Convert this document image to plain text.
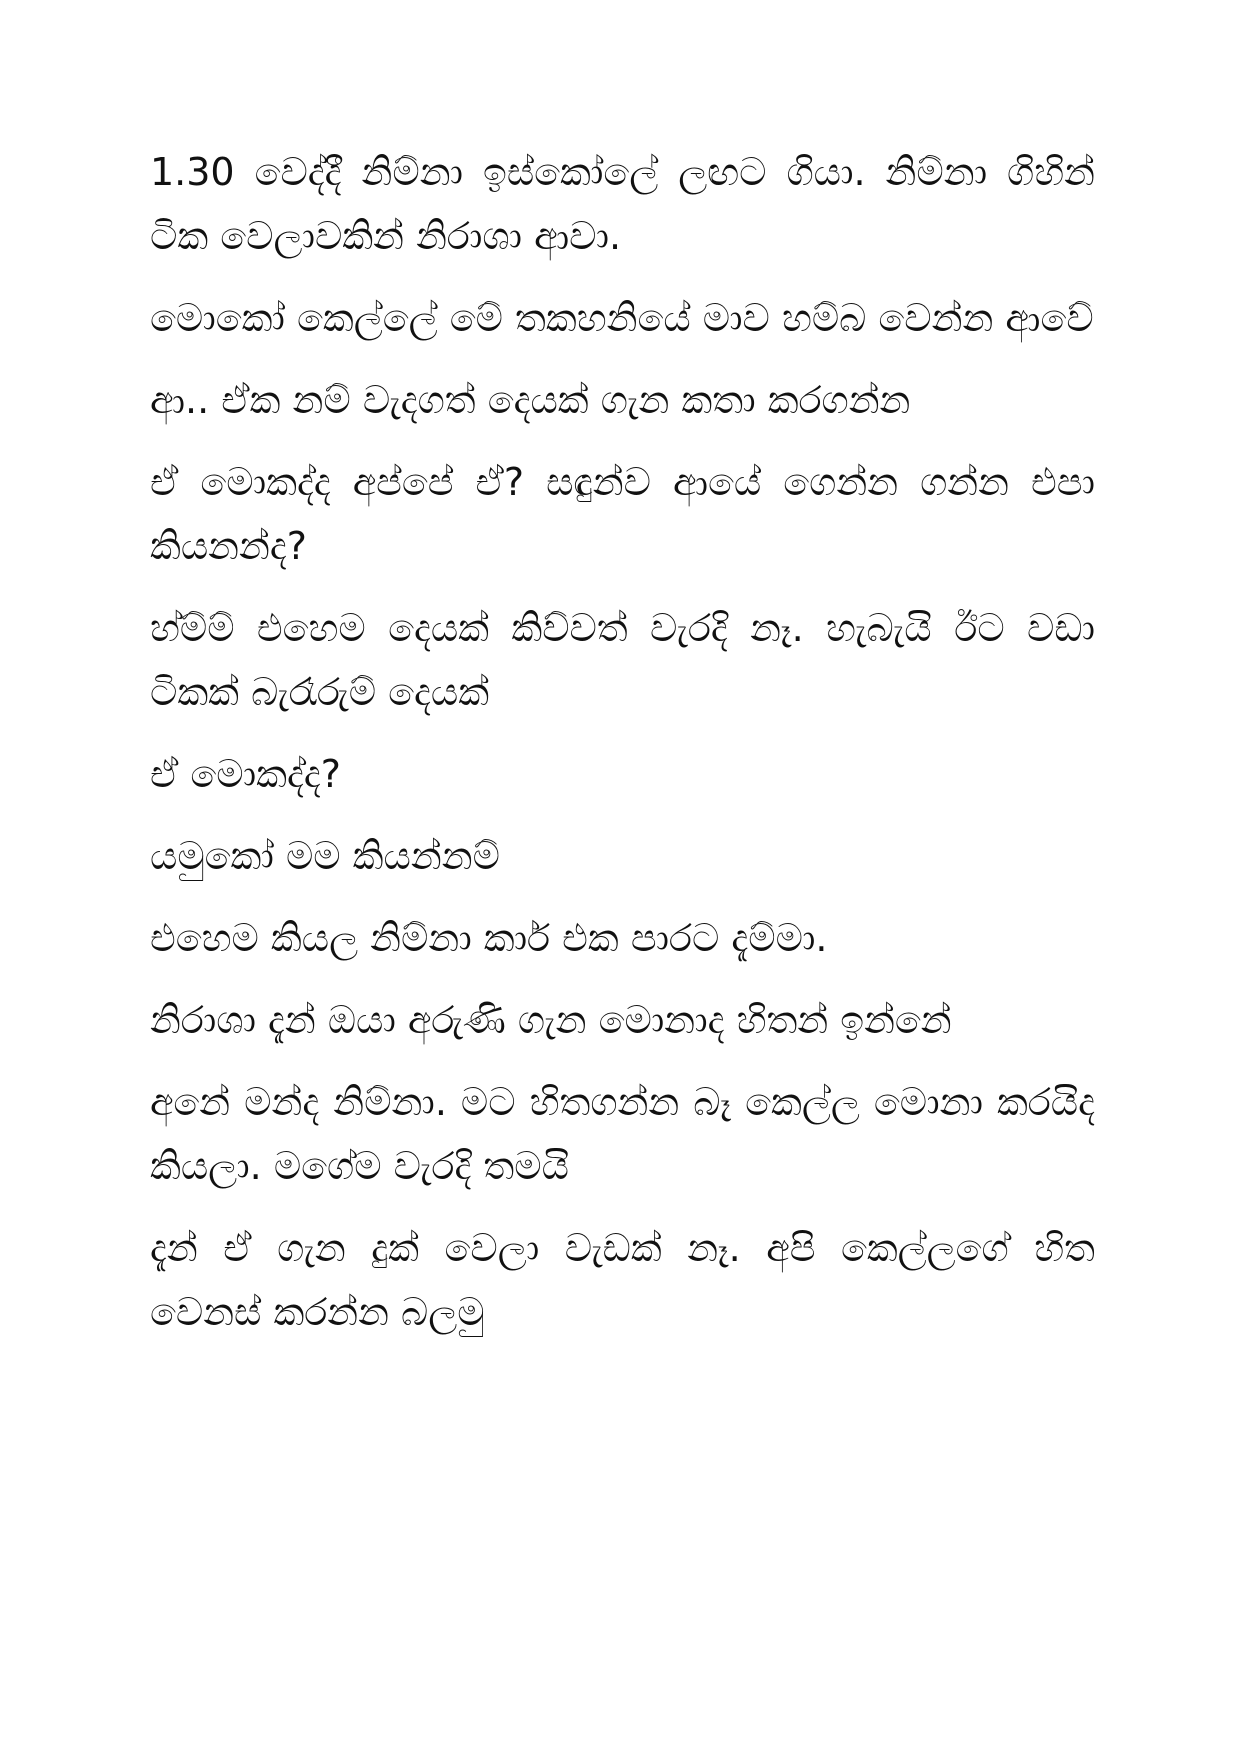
1.30 වෙද්දී නිම්නා ඉස්කෝලේ ලඟට ගියා. නිම්නා ගිහින් ටික වෙලාවකින් නිරාශා ආවා.

මොකෝ කෙල්ලේ මේ තකහනියේ මාව හම්බ වෙන්න ආවේ

ආ.. ඒක නම් වැදගත් දෙයක් ගැන කතා කරගන්න

ඒ මොකද්ද අප්පේ ඒ? සඳුන්ව ආයේ ගෙන්න ගන්න එපා කියනන්ද?

හ්ම්ම් එහෙම දෙයක් කිව්වත් වැරදි නෑ. හැබැයි ඊට වඩා ටිකක් බැරෑරුම් දෙයක්

ඒ මොකද්ද?

යමුකෝ මම කියන්නම්

එහෙම කියල නිම්නා කාර් එක පාරට දැම්මා.

නිරාශා දැන් ඔයා අරුණි ගැන මොනාද හිතන් ඉන්නේ

අනේ මන්ද නිම්නා. මට හිතගන්න බෑ කෙල්ල මොනා කරයිද කියලා. මගේම වැරදි තමයි

දැන් ඒ ගැන දුක් වෙලා වැඩක් නෑ. අපි කෙල්ලගේ හිත වෙනස් කරන්න බලමු
